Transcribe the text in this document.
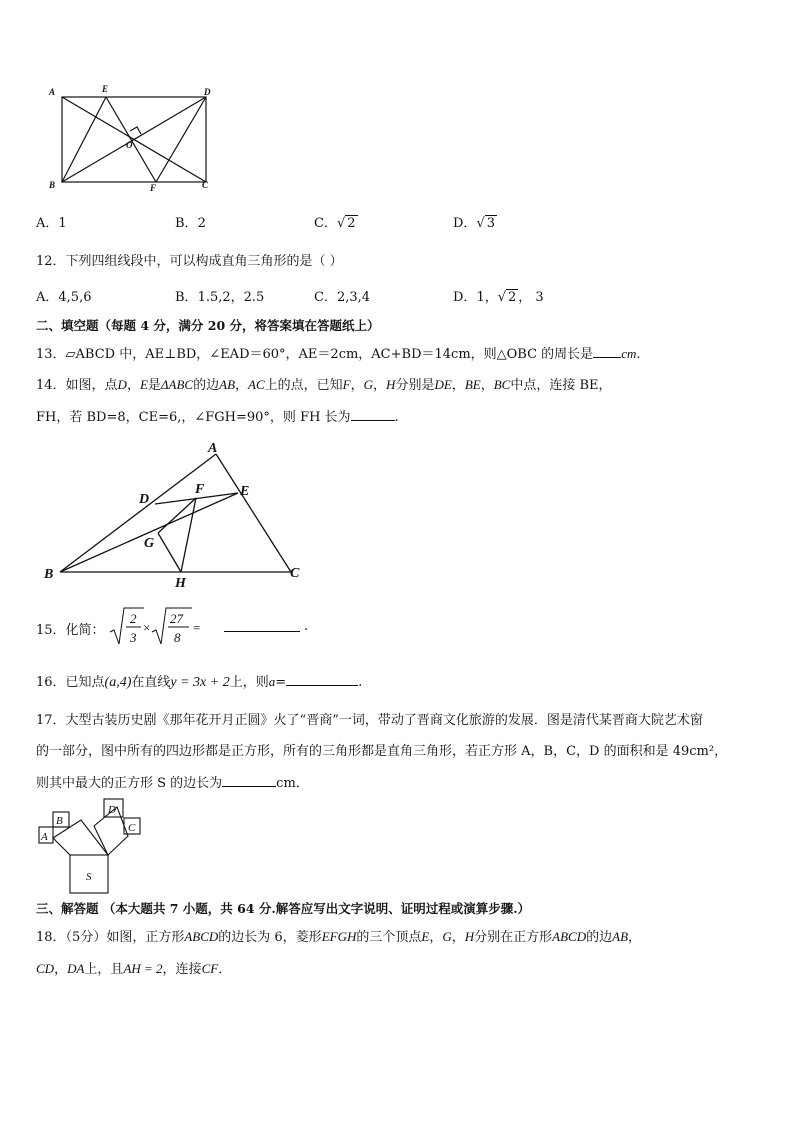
A	E	D
O
B	F	C
A．1	B．2	C．√ 2	D．√ 3
12．下列四组线段中，可以构成直角三角形的是（ ）
A．4,5,6	B．1.5,2，2.5	C．2,3,4	D．1，√ 2 ， 3
二、填空题（每题 4 分，满分 20 分，将答案填在答题纸上）
13．▱ABCD 中，AE⊥BD，∠EAD＝60°，AE＝2cm，AC+BD＝14cm，则△OBC 的周长是 cm.
14．如图，点D，E是ΔABC的边AB，AC上的点，已知F，G，H分别是DE，BE，BC中点，连接 BE，
FH，若 BD=8，CE=6,，∠FGH=90°，则 FH 长为	.
A
D
F	E
G
B
H
C
15．化简：
2
3
×
27
8
=	.
16．已知点(a,4)在直线y = 3x + 2上，则a=	.
17．大型古装历史剧《那年花开月正圆》火了“晋商”一词，带动了晋商文化旅游的发展．图是清代某晋商大院艺术窗
的一部分，图中所有的四边形都是正方形，所有的三角形都是直角三角形，若正方形 A，B，C，D 的面积和是 49cm²，
则其中最大的正方形 S 的边长为	cm．
A
B
C
D
S
三、解答题 （本大题共 7 小题，共 64 分.解答应写出文字说明、证明过程或演算步骤.）
18．（5分）如图，正方形ABCD的边长为 6，菱形EFGH的三个顶点E，G，H分别在正方形ABCD的边AB，
CD，DA上，且AH = 2，连接CF．
